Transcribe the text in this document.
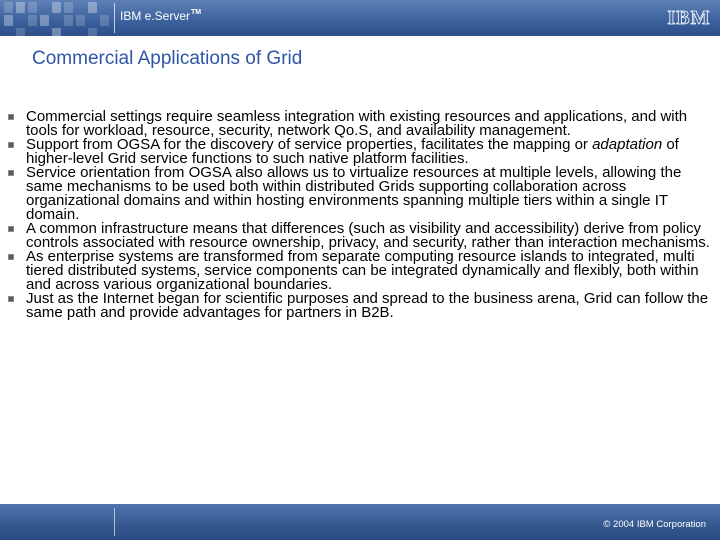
IBM e.Server™	IBM
Commercial Applications of Grid
Commercial settings require seamless integration with existing resources and applications, and with tools for workload, resource, security, network Qo.S, and availability management.
Support from OGSA for the discovery of service properties, facilitates the mapping or adaptation of higher-level Grid service functions to such native platform facilities.
Service orientation from OGSA also allows us to virtualize resources at multiple levels, allowing the same mechanisms to be used both within distributed Grids supporting collaboration across organizational domains and within hosting environments spanning multiple tiers within a single IT domain.
A common infrastructure means that differences (such as visibility and accessibility) derive from policy controls associated with resource ownership, privacy, and security, rather than interaction mechanisms.
As enterprise systems are transformed from separate computing resource islands to integrated, multi tiered distributed systems, service components can be integrated dynamically and flexibly, both within and across various organizational boundaries.
Just as the Internet began for scientific purposes and spread to the business arena, Grid can follow the same path and provide advantages for partners in B2B.
© 2004 IBM Corporation
